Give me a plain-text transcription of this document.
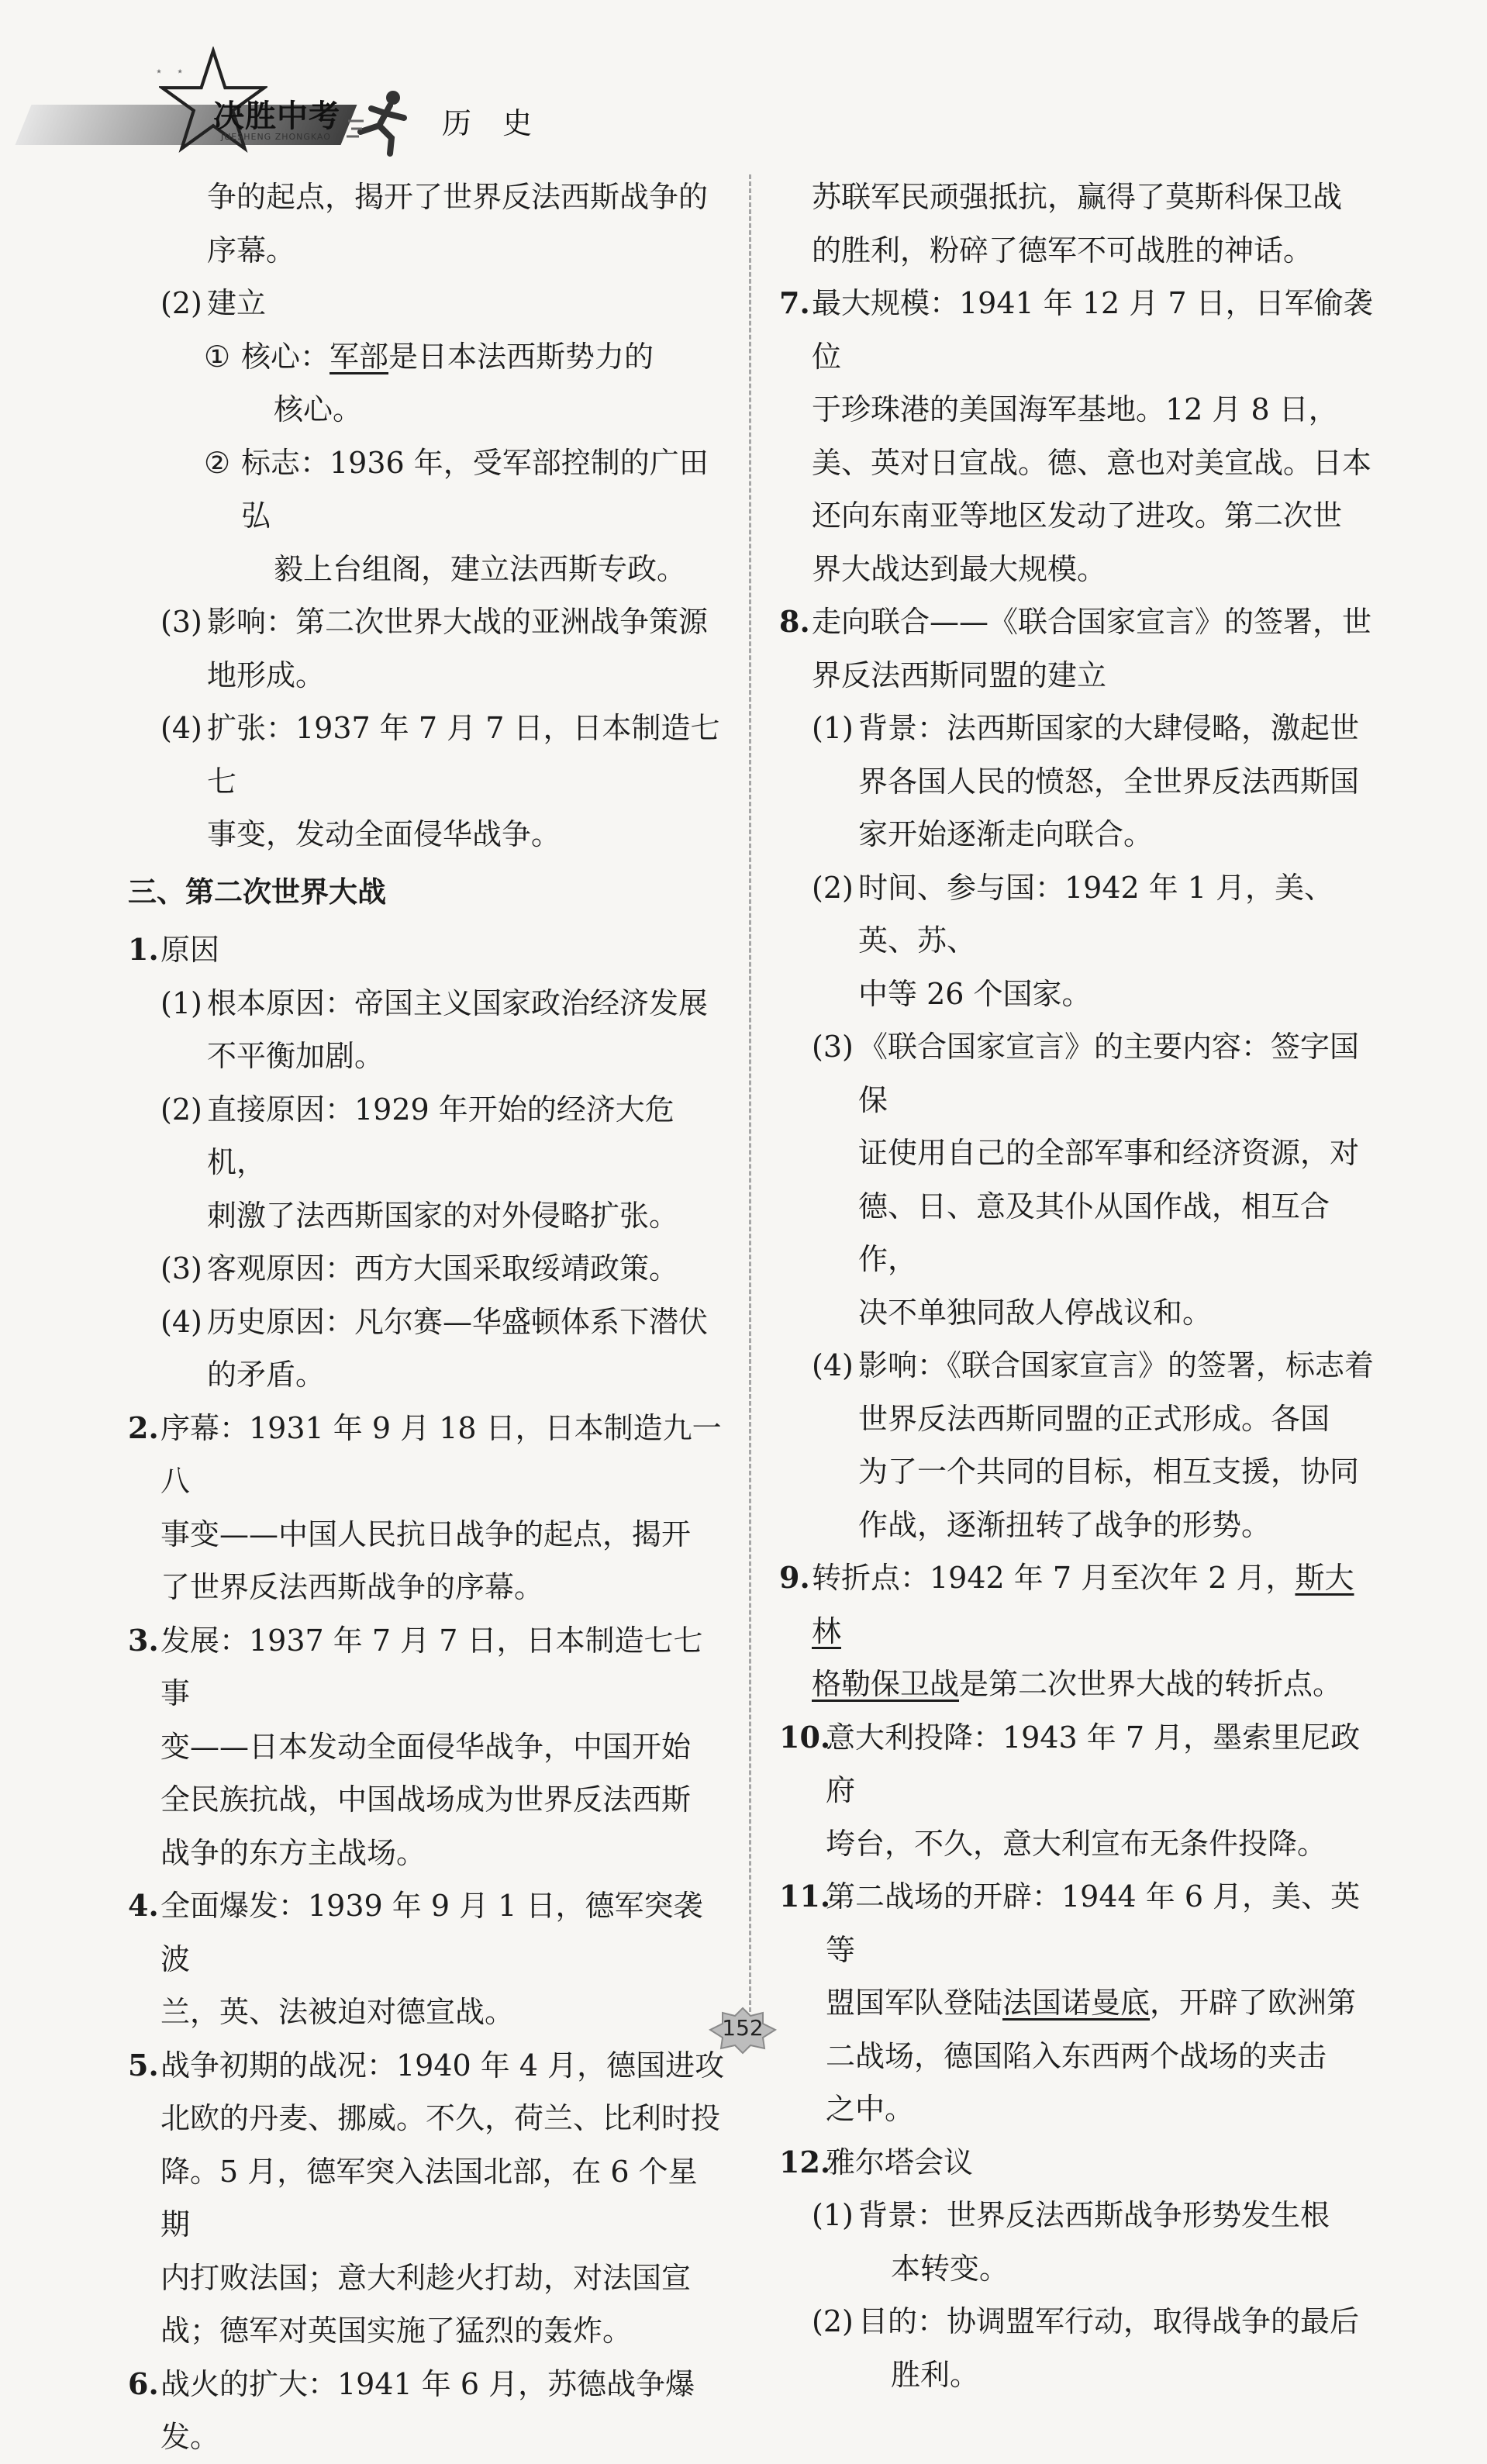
⋆ ⋆
决胜中考
JUESHENG ZHONGKAO	历 史

争的起点，揭开了世界反法西斯战争的

序幕。

(2) 建立

① 核心：军部是日本法西斯势力的

核心。

② 标志：1936 年，受军部控制的广田弘

毅上台组阁，建立法西斯专政。

(3) 影响：第二次世界大战的亚洲战争策源

地形成。

(4) 扩张：1937 年 7 月 7 日，日本制造七七

事变，发动全面侵华战争。

三、第二次世界大战

1. 原因

(1) 根本原因：帝国主义国家政治经济发展

不平衡加剧。

(2) 直接原因：1929 年开始的经济大危机，

刺激了法西斯国家的对外侵略扩张。

(3) 客观原因：西方大国采取绥靖政策。

(4) 历史原因：凡尔赛—华盛顿体系下潜伏

的矛盾。

2. 序幕：1931 年 9 月 18 日，日本制造九一八

事变——中国人民抗日战争的起点，揭开

了世界反法西斯战争的序幕。

3. 发展：1937 年 7 月 7 日，日本制造七七事

变——日本发动全面侵华战争，中国开始

全民族抗战，中国战场成为世界反法西斯

战争的东方主战场。

4. 全面爆发：1939 年 9 月 1 日，德军突袭波

兰，英、法被迫对德宣战。

5. 战争初期的战况：1940 年 4 月，德国进攻

北欧的丹麦、挪威。不久，荷兰、比利时投

降。5 月，德军突入法国北部，在 6 个星期

内打败法国；意大利趁火打劫，对法国宣

战；德军对英国实施了猛烈的轰炸。

6. 战火的扩大：1941 年 6 月，苏德战争爆发。

苏联军民顽强抵抗，赢得了莫斯科保卫战

的胜利，粉碎了德军不可战胜的神话。

7. 最大规模：1941 年 12 月 7 日，日军偷袭位

于珍珠港的美国海军基地。12 月 8 日，

美、英对日宣战。德、意也对美宣战。日本

还向东南亚等地区发动了进攻。第二次世

界大战达到最大规模。

8. 走向联合——《联合国家宣言》的签署，世

界反法西斯同盟的建立

(1) 背景：法西斯国家的大肆侵略，激起世

界各国人民的愤怒，全世界反法西斯国

家开始逐渐走向联合。

(2) 时间、参与国：1942 年 1 月，美、英、苏、

中等 26 个国家。

(3) 《联合国家宣言》的主要内容：签字国保

证使用自己的全部军事和经济资源，对

德、日、意及其仆从国作战，相互合作，

决不单独同敌人停战议和。

(4) 影响：《联合国家宣言》的签署，标志着

世界反法西斯同盟的正式形成。各国

为了一个共同的目标，相互支援，协同

作战，逐渐扭转了战争的形势。

9. 转折点：1942 年 7 月至次年 2 月，斯大林

格勒保卫战是第二次世界大战的转折点。

10.
意大利投降：1943 年 7 月，墨索里尼政府

垮台，不久，意大利宣布无条件投降。

11.
第二战场的开辟：1944 年 6 月，美、英等

盟国军队登陆法国诺曼底，开辟了欧洲第

二战场，德国陷入东西两个战场的夹击

之中。

12.
雅尔塔会议

(1) 背景：世界反法西斯战争形势发生根

本转变。

(2) 目的：协调盟军行动，取得战争的最后

胜利。

152
